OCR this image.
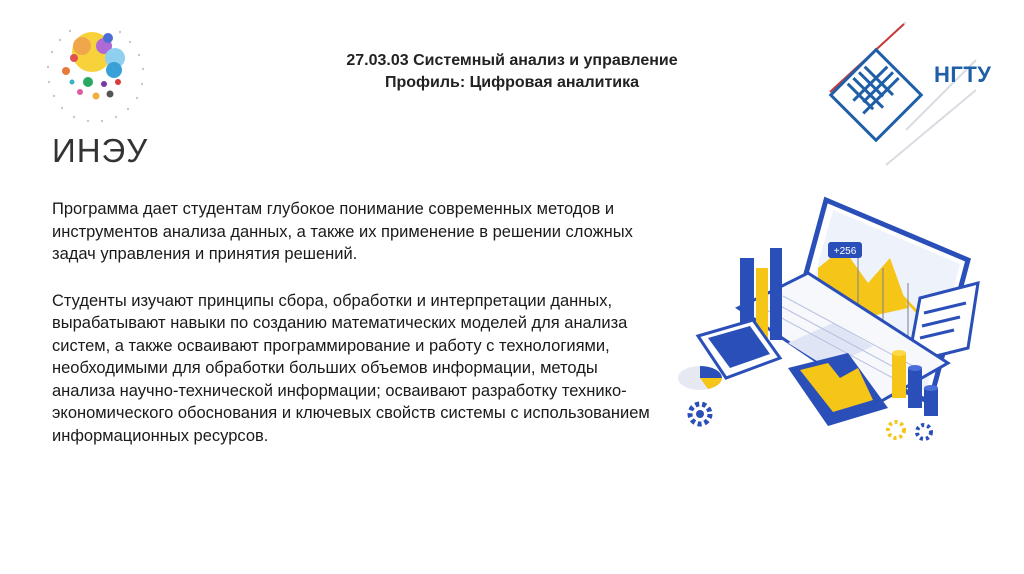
ИНЭУ
27.03.03 Системный анализ и управление
Профиль: Цифровая аналитика	НГТУ

Программа дает студентам глубокое понимание современных методов и инструментов анализа данных, а также их применение в решении сложных задач управления и принятия решений.

Студенты изучают принципы сбора, обработки и интерпретации данных, вырабатывают навыки по созданию математических моделей для анализа систем, а также осваивают программирование и работу с технологиями, необходимыми для обработки больших объемов информации, методы анализа научно-технической информации; осваивают разработку технико-экономического обоснования и ключевых свойств системы с использованием информационных ресурсов.

+256
